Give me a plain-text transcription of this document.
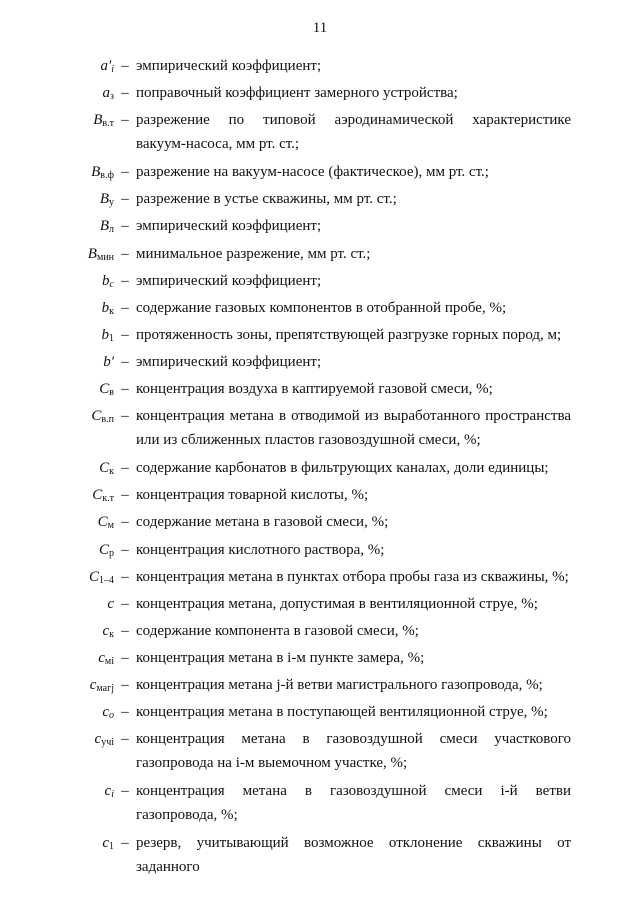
11
$a'_i$ – эмпирический коэффициент;
$a_з$ – поправочный коэффициент замерного устройства;
$B_{в.т}$ – разрежение по типовой аэродинамической характеристике
вакуум-насоса, мм рт. ст.;
$B_{в.ф}$ – разрежение на вакуум-насосе (фактическое), мм рт. ст.;
$B_у$ – разрежение в устье скважины, мм рт. ст.;
$B_л$ – эмпирический коэффициент;
$B_{мин}$ – минимальное разрежение, мм рт. ст.;
$b_c$ – эмпирический коэффициент;
$b_к$ – содержание газовых компонентов в отобранной пробе, %;
$b_1$ – протяженность зоны, препятствующей разгрузке горных пород, м;
b′ – эмпирический коэффициент;
$C_в$ – концентрация воздуха в каптируемой газовой смеси, %;
$C_{в.п}$ – концентрация метана в отводимой из выработанного пространства
или из сближенных пластов газовоздушной смеси, %;
$C_к$ – содержание карбонатов в фильтрующих каналах, доли единицы;
$C_{к.т}$ – концентрация товарной кислоты, %;
$C_м$ – содержание метана в газовой смеси, %;
$C_р$ – концентрация кислотного раствора, %;
$C_{1-4}$ – концентрация метана в пунктах отбора пробы газа из скважины, %;
c – концентрация метана, допустимая в вентиляционной струе, %;
$c_к$ – содержание компонента в газовой смеси, %;
$c_{мi}$ – концентрация метана в i-м пункте замера, %;
$c_{магj}$ – концентрация метана j-й ветви магистрального газопровода, %;
$c_o$ – концентрация метана в поступающей вентиляционной струе, %;
$c_{учi}$ – концентрация метана в газовоздушной смеси участкового
газопровода на i-м выемочном участке, %;
$c_i$ – концентрация метана в газовоздушной смеси i-й ветви
газопровода, %;
$c_1$ – резерв, учитывающий возможное отклонение скважины от заданного
